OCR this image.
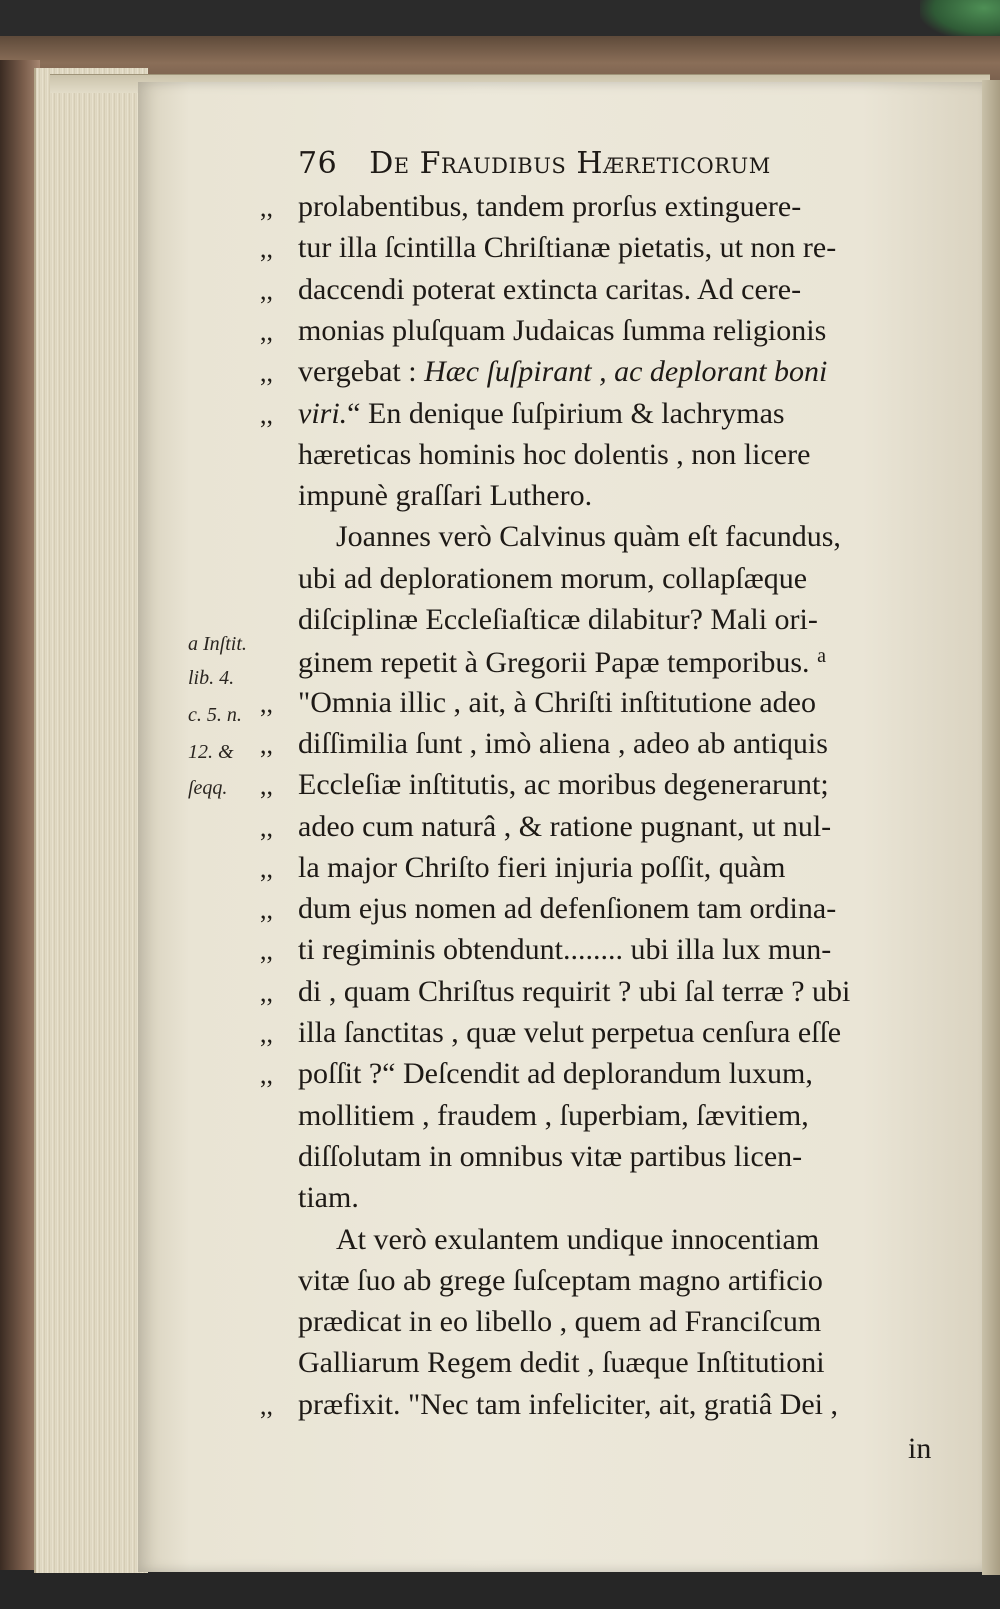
76 De Fraudibus Hæreticorum
,, prolabentibus, tandem prorſus extinguere-
,, tur illa ſcintilla Chriſtianæ pietatis, ut non re-
,, daccendi poterat extincta caritas. Ad cere-
,, monias pluſquam Judaicas ſumma religionis
,, vergebat : Hæc ſuſpirant , ac deplorant boni
,, viri.“ En denique ſuſpirium & lachrymas
hæreticas hominis hoc dolentis , non licere
impunè graſſari Luthero.
Joannes verò Calvinus quàm eſt facundus,
ubi ad deplorationem morum, collapſæque
diſciplinæ Eccleſiaſticæ dilabitur? Mali ori-
ginem repetit à Gregorii Papæ temporibus. $^a$
,, "Omnia illic , ait, à Chriſti inſtitutione adeo
,, diſſimilia ſunt , imò aliena , adeo ab antiquis
,, Eccleſiæ inſtitutis, ac moribus degenerarunt;
,, adeo cum naturâ , & ratione pugnant, ut nul-
,, la major Chriſto fieri injuria poſſit, quàm
,, dum ejus nomen ad defenſionem tam ordina-
,, ti regiminis obtendunt........ ubi illa lux mun-
,, di , quam Chriſtus requirit ? ubi ſal terræ ? ubi
,, illa ſanctitas , quæ velut perpetua cenſura eſſe
,, poſſit ?“ Deſcendit ad deplorandum luxum,
mollitiem , fraudem , ſuperbiam, ſævitiem,
diſſolutam in omnibus vitæ partibus licen-
tiam.
At verò exulantem undique innocentiam
vitæ ſuo ab grege ſuſceptam magno artificio
prædicat in eo libello , quem ad Franciſcum
Galliarum Regem dedit , ſuæque Inſtitutioni
,, præfixit. "Nec tam infeliciter, ait, gratiâ Dei ,
a Inſtit.
lib. 4.
c. 5. n.
12. &
ſeqq.
in
